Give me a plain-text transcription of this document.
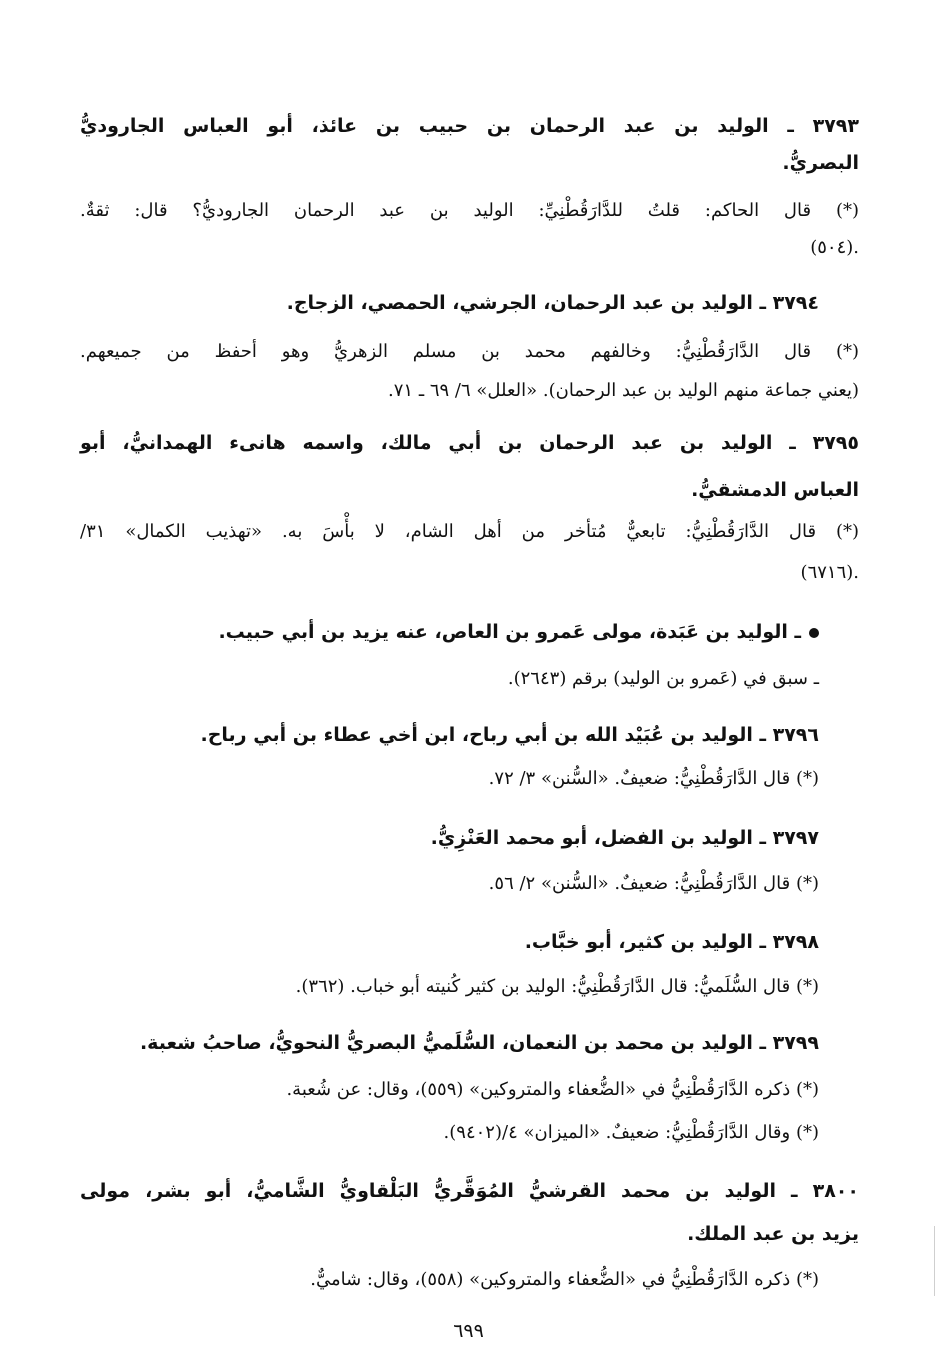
٣٧٩٣ ـ الوليد بن عبد الرحمان بن حبيب بن عائذ، أبو العباس الجاروديُّ
البصريُّ.
(*) قال الحاكم: قلتُ للدَّارَقُطْنِيِّ: الوليد بن عبد الرحمان الجاروديُّ؟ قال: ثقةٌ.
.(٥٠٤)
٣٧٩٤ ـ الوليد بن عبد الرحمان، الجرشي، الحمصي، الزجاج.
(*) قال الدَّارَقُطْنِيُّ: وخالفهم محمد بن مسلم الزهريُّ وهو أحفظ من جميعهم.
(يعني جماعة منهم الوليد بن عبد الرحمان). «العلل» ٦/ ٦٩ ـ ٧١.
٣٧٩٥ ـ الوليد بن عبد الرحمان بن أبي مالك، واسمه هانىء الهمدانيُّ، أبو
العباس الدمشقيُّ.
(*) قال الدَّارَقُطْنِيُّ: تابعيٌّ مُتأخر من أهل الشام، لا بأْسَ به. «تهذيب الكمال» ٣١/
.(٦٧١٦)
ـ الوليد بن عَبَدة، مولى عَمرو بن العاص، عنه يزيد بن أبي حبيب.
ـ سبق في (عَمرو بن الوليد) برقم (٢٦٤٣).
٣٧٩٦ ـ الوليد بن عُبَيْد الله بن أبي رباح، ابن أخي عطاء بن أبي رباح.
(*) قال الدَّارَقُطْنِيُّ: ضعيفٌ. «السُّنن» ٣/ ٧٢.
٣٧٩٧ ـ الوليد بن الفضل، أبو محمد العَنْزِيُّ.
(*) قال الدَّارَقُطْنِيُّ: ضعيفٌ. «السُّنن» ٢/ ٥٦.
٣٧٩٨ ـ الوليد بن كثير، أبو خبَّاب.
(*) قال السُّلَميُّ: قال الدَّارَقُطْنِيُّ: الوليد بن كثير كُنيته أبو خباب. (٣٦٢).
٣٧٩٩ ـ الوليد بن محمد بن النعمان، السُّلَميُّ البصريُّ النحويُّ، صاحبُ شعبة.
(*) ذكره الدَّارَقُطْنِيُّ في «الضُّعفاء والمتروكين» (٥٥٩)، وقال: عن شُعبة.
(*) وقال الدَّارَقُطْنِيُّ: ضعيفٌ. «الميزان» ٤/(٩٤٠٢).
٣٨٠٠ ـ الوليد بن محمد القرشيُّ المُوَقَّريُّ البَلْقاويُّ الشَّاميُّ، أبو بشر، مولى
يزيد بن عبد الملك.
(*) ذكره الدَّارَقُطْنِيُّ في «الضُّعفاء والمتروكين» (٥٥٨)، وقال: شاميٌّ.
٦٩٩
